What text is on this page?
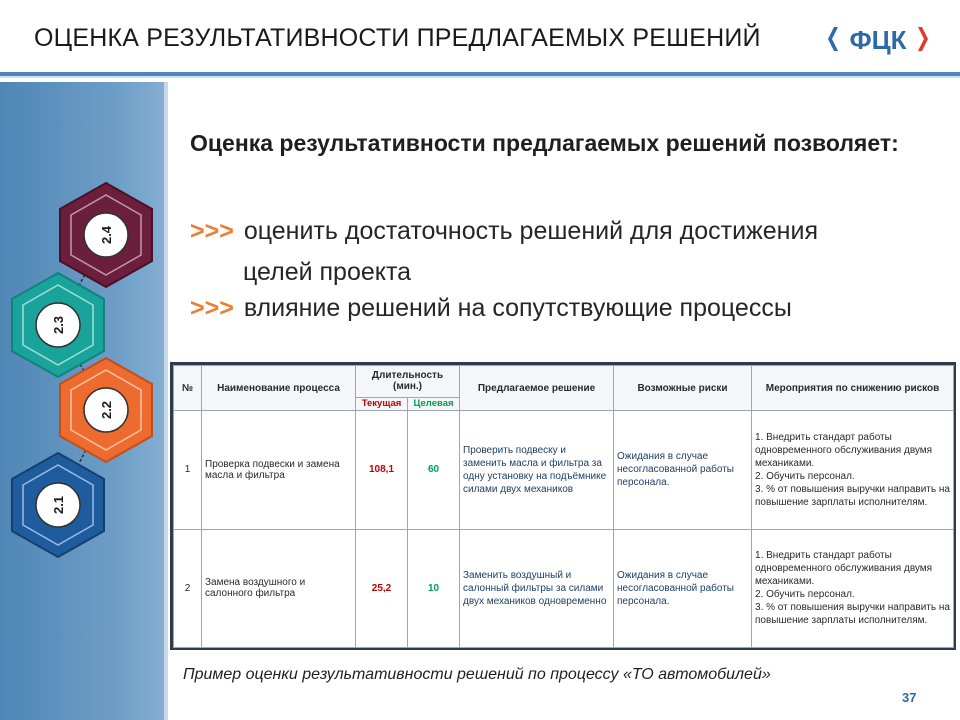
ОЦЕНКА РЕЗУЛЬТАТИВНОСТИ ПРЕДЛАГАЕМЫХ РЕШЕНИЙ	ФЦК
2.4
2.3
2.2
2.1
Оценка результативности предлагаемых решений позволяет:
>>> оценить достаточность решений для достижения
целей проекта
>>> влияние решений на сопутствующие процессы
№	Наименование процесса	Длительность (мин.)		Предлагаемое решение	Возможные риски	Мероприятия по снижению рисков
		Текущая	Целевая			
1	Проверка подвески и замена масла и фильтра	108,1	60	Проверить подвеску и заменить масла и фильтра за одну установку на подъёмнике силами двух механиков	Ожидания в случае несогласованной работы персонала.	1. Внедрить стандарт работы одновременного обслуживания двумя механиками.
2. Обучить персонал.
3. % от повышения выручки направить на повышение зарплаты исполнителям.

2	Замена воздушного и салонного фильтра	25,2	10	Заменить воздушный и салонный фильтры за силами двух механиков одновременно	Ожидания в случае несогласованной работы персонала.	1. Внедрить стандарт работы одновременного обслуживания двумя механиками.
2. Обучить персонал.
3. % от повышения выручки направить на повышение зарплаты исполнителям.
Пример оценки результативности решений по процессу «ТО автомобилей»
37
